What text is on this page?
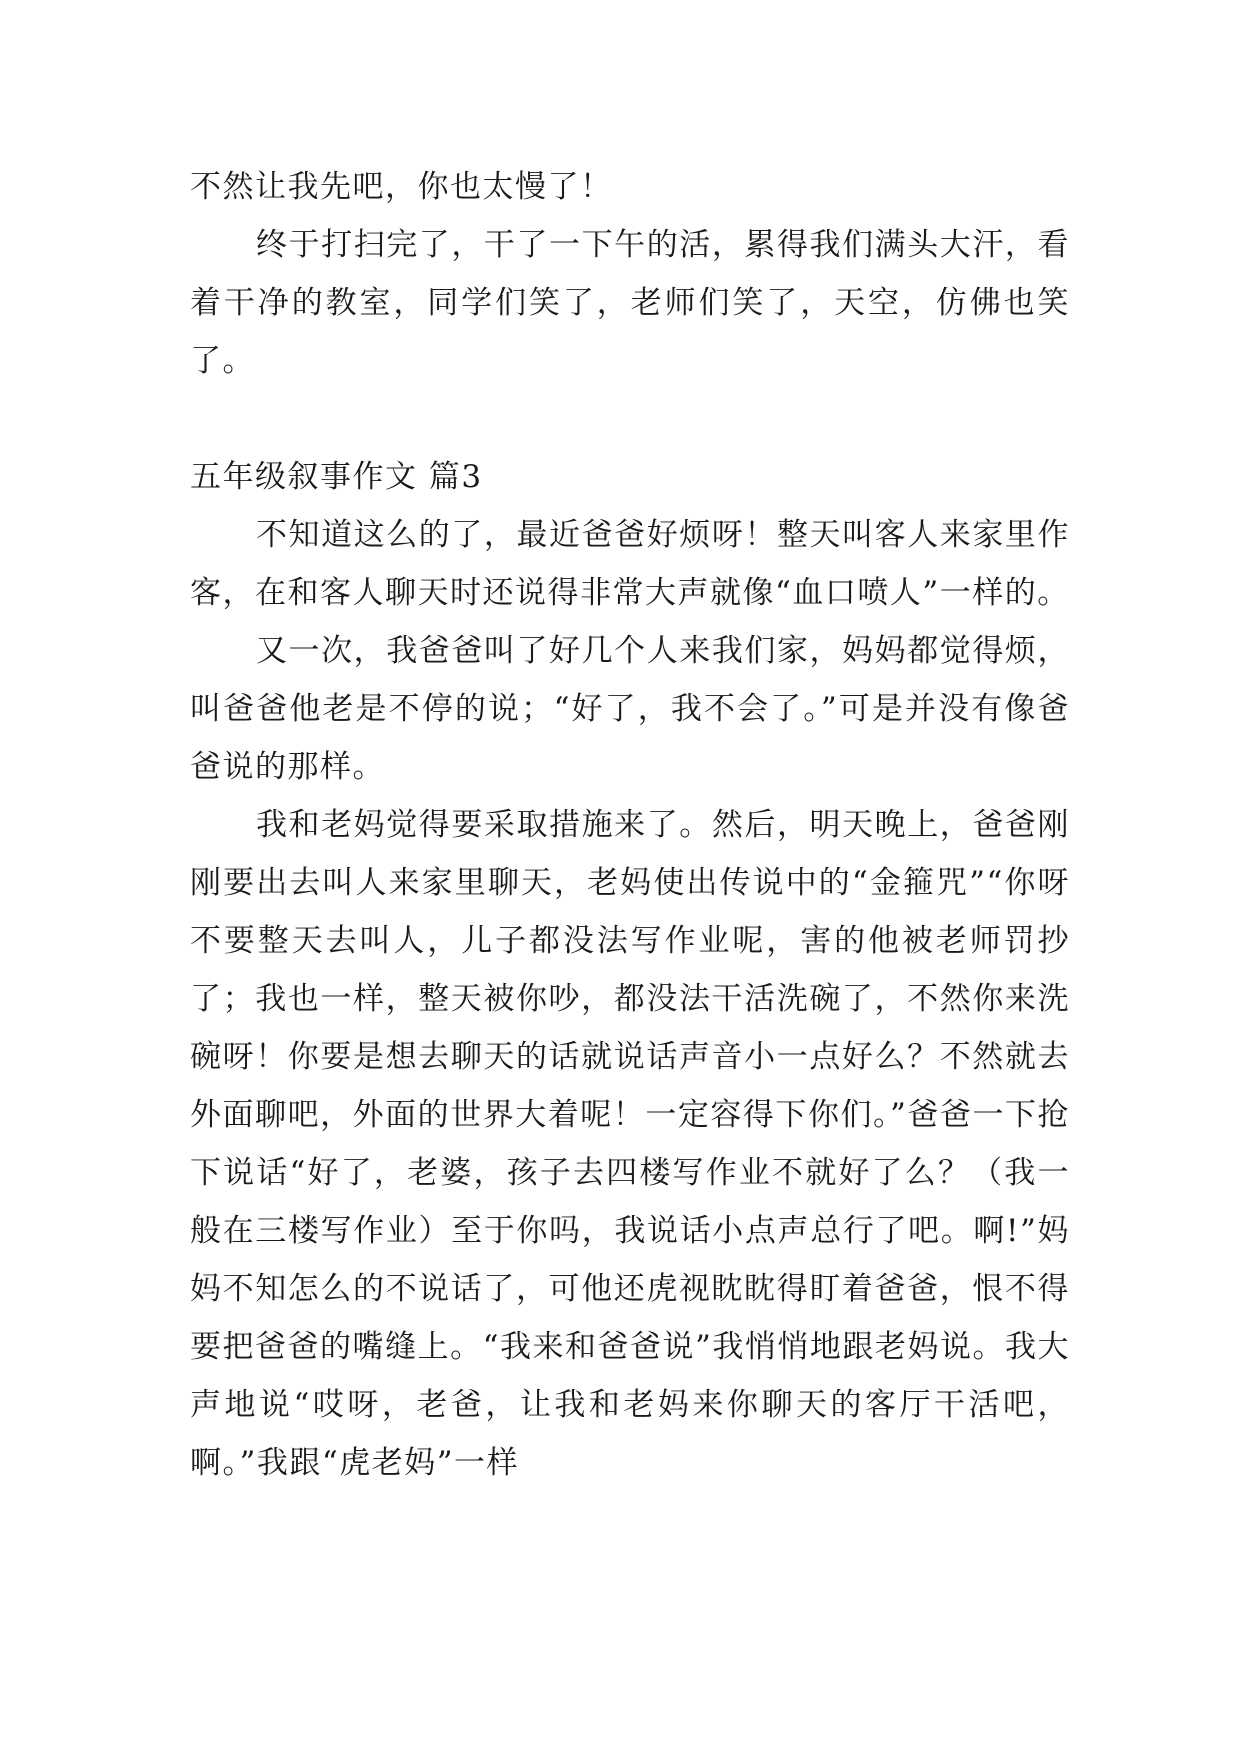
不然让我先吧，你也太慢了！

终于打扫完了，干了一下午的活，累得我们满头大汗，看着干净的教室，同学们笑了，老师们笑了，天空，仿佛也笑了。

五年级叙事作文 篇3

不知道这么的了，最近爸爸好烦呀！整天叫客人来家里作客，在和客人聊天时还说得非常大声就像“血口喷人”一样的。

又一次，我爸爸叫了好几个人来我们家，妈妈都觉得烦，叫爸爸他老是不停的说；“好了，我不会了。”可是并没有像爸爸说的那样。

我和老妈觉得要采取措施来了。然后，明天晚上，爸爸刚刚要出去叫人来家里聊天，老妈使出传说中的“金箍咒”“你呀不要整天去叫人，儿子都没法写作业呢，害的他被老师罚抄了；我也一样，整天被你吵，都没法干活洗碗了，不然你来洗碗呀！你要是想去聊天的话就说话声音小一点好么？不然就去外面聊吧，外面的世界大着呢！一定容得下你们。”爸爸一下抢下说话“好了，老婆，孩子去四楼写作业不就好了么？（我一般在三楼写作业）至于你吗，我说话小点声总行了吧。啊!”妈妈不知怎么的不说话了，可他还虎视眈眈得盯着爸爸，恨不得要把爸爸的嘴缝上。“我来和爸爸说”我悄悄地跟老妈说。我大声地说“哎呀，老爸，让我和老妈来你聊天的客厅干活吧，啊。”我跟“虎老妈”一样
